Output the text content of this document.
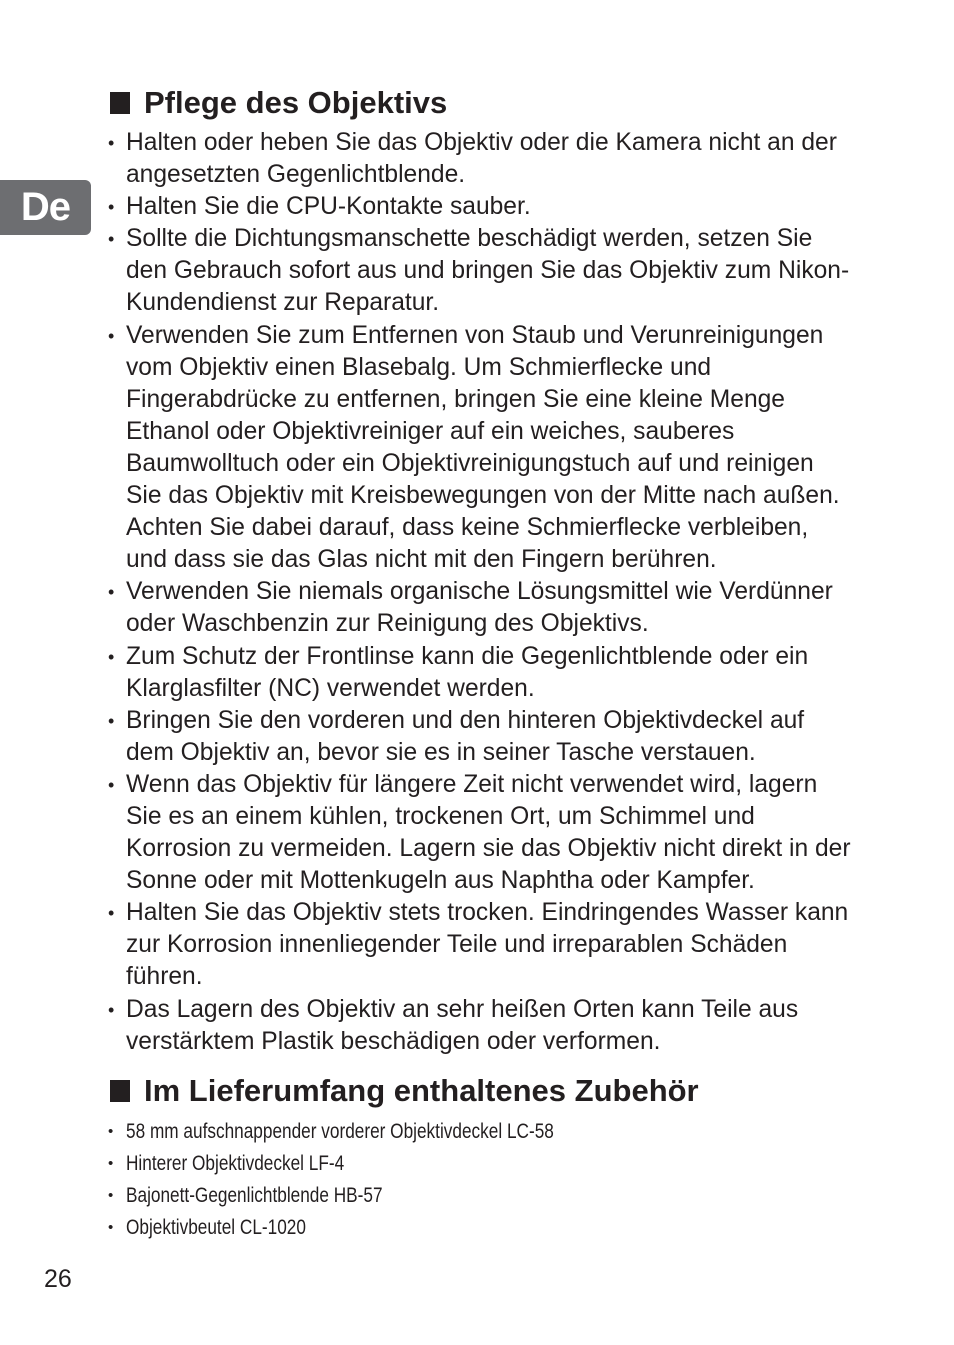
De
Pflege des Objektivs
• Halten oder heben Sie das Objektiv oder die Kamera nicht an der angesetzten Gegenlichtblende.
• Halten Sie die CPU-Kontakte sauber.
• Sollte die Dichtungsmanschette beschädigt werden, setzen Sie den Gebrauch sofort aus und bringen Sie das Objektiv zum Nikon-Kundendienst zur Reparatur.
• Verwenden Sie zum Entfernen von Staub und Verunreinigungen vom Objektiv einen Blasebalg. Um Schmierflecke und Fingerabdrücke zu entfernen, bringen Sie eine kleine Menge Ethanol oder Objektivreiniger auf ein weiches, sauberes Baumwolltuch oder ein Objektivreinigungstuch auf und reinigen Sie das Objektiv mit Kreisbewegungen von der Mitte nach außen. Achten Sie dabei darauf, dass keine Schmierflecke verbleiben, und dass sie das Glas nicht mit den Fingern berühren.
• Verwenden Sie niemals organische Lösungsmittel wie Verdünner oder Waschbenzin zur Reinigung des Objektivs.
• Zum Schutz der Frontlinse kann die Gegenlichtblende oder ein Klarglasfilter (NC) verwendet werden.
• Bringen Sie den vorderen und den hinteren Objektivdeckel auf dem Objektiv an, bevor sie es in seiner Tasche verstauen.
• Wenn das Objektiv für längere Zeit nicht verwendet wird, lagern Sie es an einem kühlen, trockenen Ort, um Schimmel und Korrosion zu vermeiden. Lagern sie das Objektiv nicht direkt in der Sonne oder mit Mottenkugeln aus Naphtha oder Kampfer.
• Halten Sie das Objektiv stets trocken. Eindringendes Wasser kann zur Korrosion innenliegender Teile und irreparablen Schäden führen.
• Das Lagern des Objektiv an sehr heißen Orten kann Teile aus verstärktem Plastik beschädigen oder verformen.
Im Lieferumfang enthaltenes Zubehör
• 58 mm aufschnappender vorderer Objektivdeckel LC-58
• Hinterer Objektivdeckel LF-4
• Bajonett-Gegenlichtblende HB-57
• Objektivbeutel CL-1020
26
